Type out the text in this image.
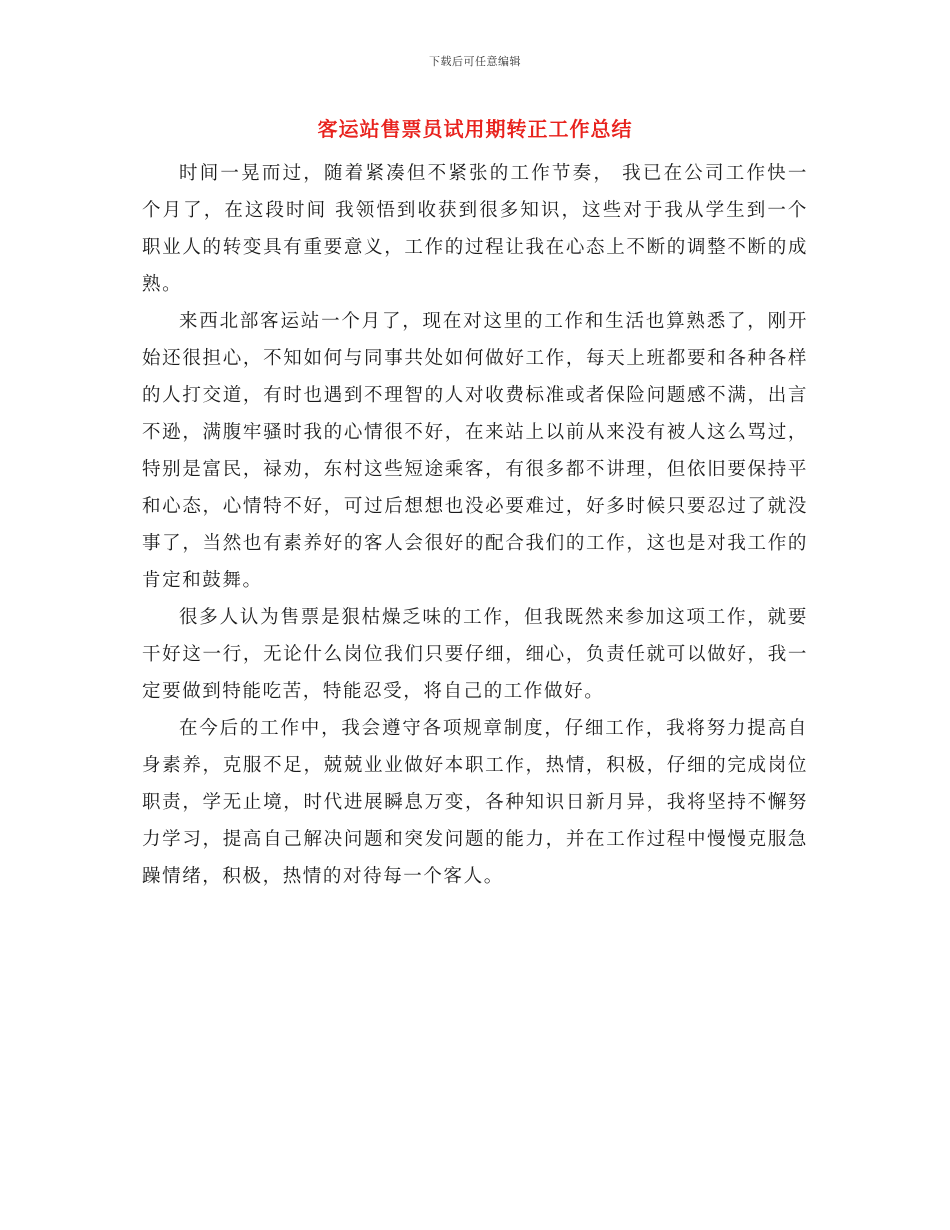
下载后可任意编辑
客运站售票员试用期转正工作总结

时间一晃而过，随着紧凑但不紧张的工作节奏， 我已在公司工作快一个月了，在这段时间 我领悟到收获到很多知识，这些对于我从学生到一个职业人的转变具有重要意义，工作的过程让我在心态上不断的调整不断的成熟。

来西北部客运站一个月了，现在对这里的工作和生活也算熟悉了，刚开始还很担心，不知如何与同事共处如何做好工作，每天上班都要和各种各样的人打交道，有时也遇到不理智的人对收费标准或者保险问题感不满，出言不逊，满腹牢骚时我的心情很不好，在来站上以前从来没有被人这么骂过，特别是富民，禄劝，东村这些短途乘客，有很多都不讲理，但依旧要保持平和心态，心情特不好，可过后想想也没必要难过，好多时候只要忍过了就没事了，当然也有素养好的客人会很好的配合我们的工作，这也是对我工作的肯定和鼓舞。

很多人认为售票是狠枯燥乏味的工作，但我既然来参加这项工作，就要干好这一行，无论什么岗位我们只要仔细，细心，负责任就可以做好，我一定要做到特能吃苦，特能忍受，将自己的工作做好。

在今后的工作中，我会遵守各项规章制度，仔细工作，我将努力提高自身素养，克服不足，兢兢业业做好本职工作，热情，积极，仔细的完成岗位职责，学无止境，时代进展瞬息万变，各种知识日新月异，我将坚持不懈努力学习，提高自己解决问题和突发问题的能力，并在工作过程中慢慢克服急躁情绪，积极，热情的对待每一个客人。
